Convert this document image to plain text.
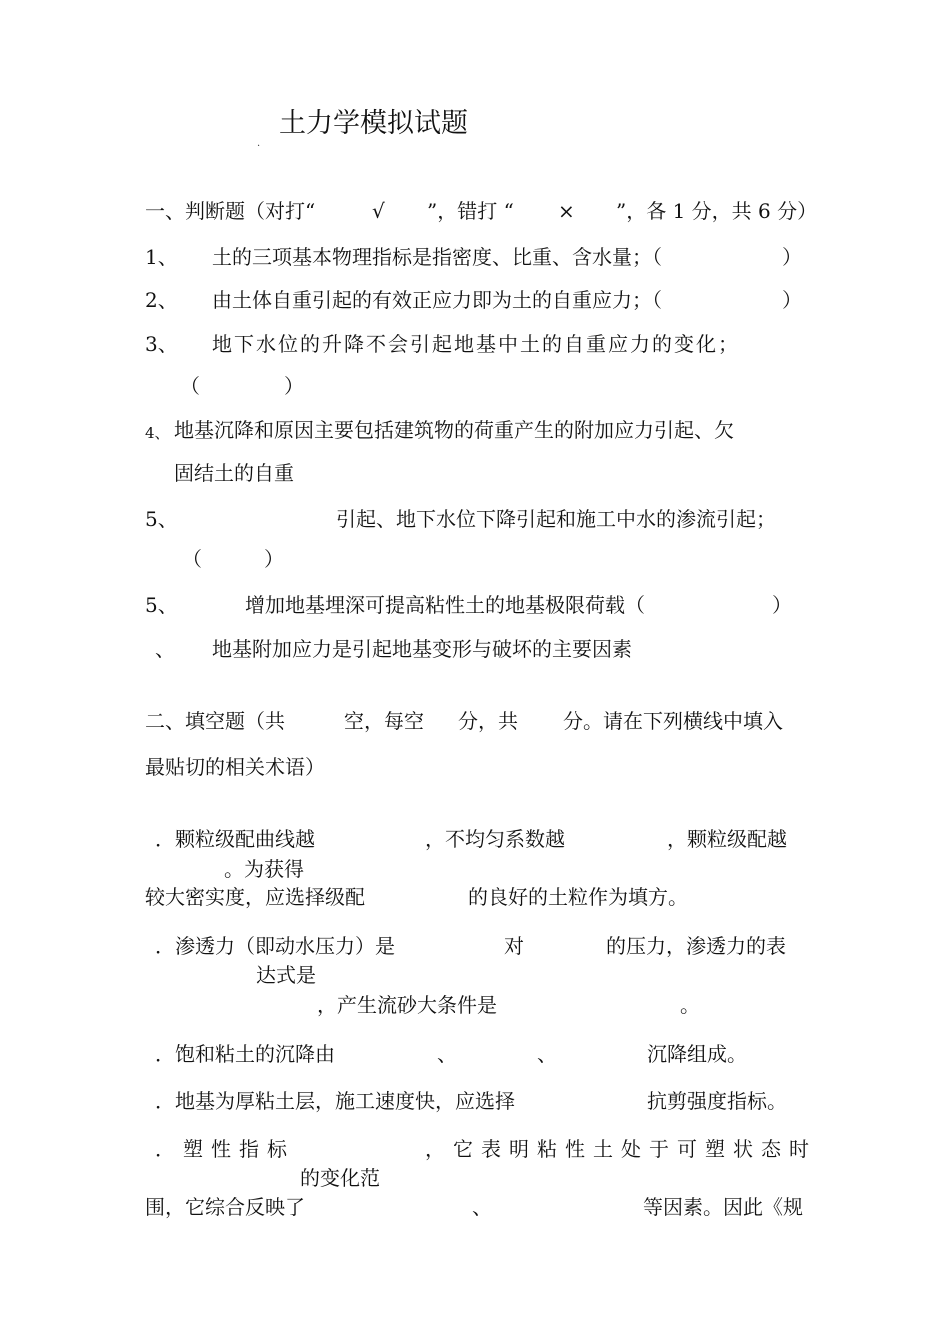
土力学模拟试题
·
一、判断题（对打“	√ ”，错打 “ × ”，各 1 分，共 6 分）
1、 土的三项基本物理指标是指密度、比重、含水量；（	）
2、 由土体自重引起的有效正应力即为土的自重应力；（	）
3、 地下水位的升降不会引起地基中土的自重应力的变化；
（	）
4、 地基沉降和原因主要包括建筑物的荷重产生的附加应力引起、欠
固结土的自重
5、	引起、地下水位下降引起和施工中水的渗流引起；
（	）
5、	增加地基埋深可提高粘性土的地基极限荷载（	）
、 地基附加应力是引起地基变形与破坏的主要因素
二、填空题（共	空，每空 分，共 分。请在下列横线中填入
最贴切的相关术语）
．颗粒级配曲线越	，不均匀系数越	，颗粒级配越
。为获得
较大密实度，应选择级配	的良好的土粒作为填方。
．渗透力（即动水压力）是	对	的压力，渗透力的表
达式是
，产生流砂大条件是	。
．饱和粘土的沉降由	、	、	沉降组成。
．地基为厚粘土层，施工速度快，应选择	抗剪强度指标。
．塑性指标	，它表明粘性土处于可塑状态时
的变化范
围，它综合反映了	、	等因素。因此《规
